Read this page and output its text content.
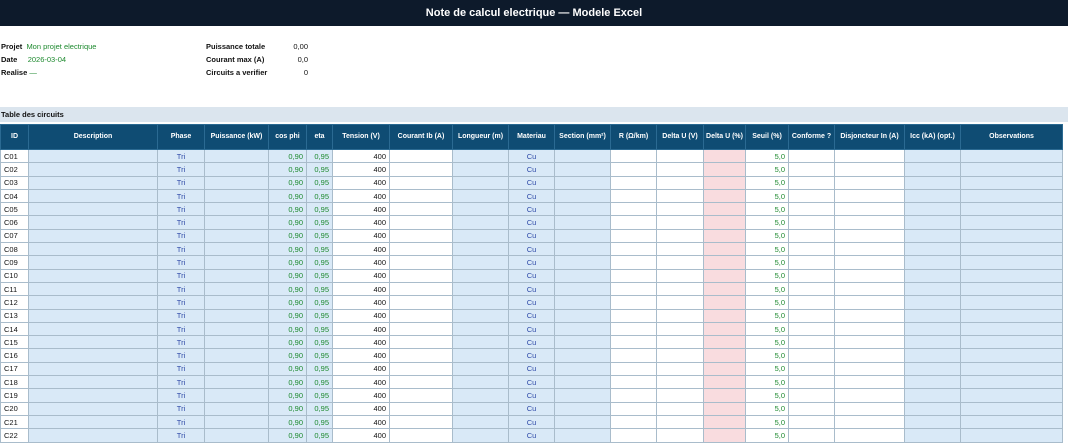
Note de calcul electrique — Modele Excel
Projet Mon projet electrique
Date 2026-03-04
Realise —
Puissance totale	0,00
Courant max (A)	0,0
Circuits a verifier	0
Table des circuits
ID	Description	Phase	Puissance (kW)	cos phi	eta	Tension (V)	Courant Ib (A)	Longueur (m)	Materiau	Section (mm²)	R (Ω/km)	Delta U (V)	Delta U (%)	Seuil (%)	Conforme ?	Disjoncteur In (A)	Icc (kA) (opt.)	Observations
C01		Tri		0,90	0,95	400			Cu					5,0				
C02		Tri		0,90	0,95	400			Cu					5,0				
C03		Tri		0,90	0,95	400			Cu					5,0				
C04		Tri		0,90	0,95	400			Cu					5,0				
C05		Tri		0,90	0,95	400			Cu					5,0				
C06		Tri		0,90	0,95	400			Cu					5,0				
C07		Tri		0,90	0,95	400			Cu					5,0				
C08		Tri		0,90	0,95	400			Cu					5,0				
C09		Tri		0,90	0,95	400			Cu					5,0				
C10		Tri		0,90	0,95	400			Cu					5,0				
C11		Tri		0,90	0,95	400			Cu					5,0				
C12		Tri		0,90	0,95	400			Cu					5,0				
C13		Tri		0,90	0,95	400			Cu					5,0				
C14		Tri		0,90	0,95	400			Cu					5,0				
C15		Tri		0,90	0,95	400			Cu					5,0				
C16		Tri		0,90	0,95	400			Cu					5,0				
C17		Tri		0,90	0,95	400			Cu					5,0				
C18		Tri		0,90	0,95	400			Cu					5,0				
C19		Tri		0,90	0,95	400			Cu					5,0				
C20		Tri		0,90	0,95	400			Cu					5,0				
C21		Tri		0,90	0,95	400			Cu					5,0				
C22		Tri		0,90	0,95	400			Cu					5,0				
